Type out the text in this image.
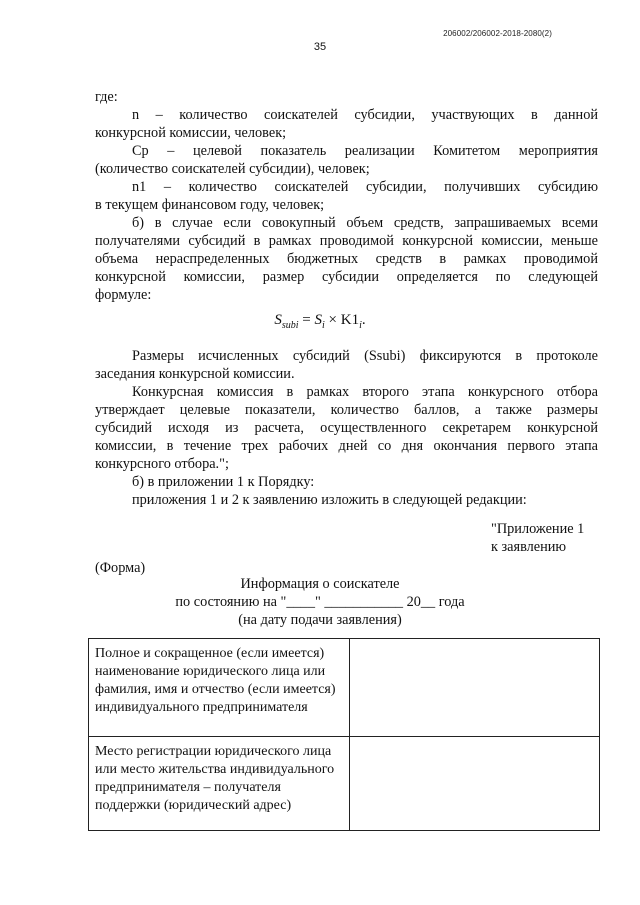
206002/206002-2018-2080(2)
35
где:
n – количество соискателей субсидии, участвующих в данной
конкурсной комиссии, человек;
Cр – целевой показатель реализации Комитетом мероприятия
(количество соискателей субсидии), человек;
n1 – количество соискателей субсидии, получивших субсидию
в текущем финансовом году, человек;
б) в случае если совокупный объем средств, запрашиваемых всеми
получателями субсидий в рамках проводимой конкурсной комиссии, меньше
объема нераспределенных бюджетных средств в рамках проводимой
конкурсной комиссии, размер субсидии определяется по следующей
формуле:
$S_{subi} = S_i \times K1_i$.
Размеры исчисленных субсидий (Ssubi) фиксируются в протоколе
заседания конкурсной комиссии.
Конкурсная комиссия в рамках второго этапа конкурсного отбора
утверждает целевые показатели, количество баллов, а также размеры
субсидий исходя из расчета, осуществленного секретарем конкурсной
комиссии, в течение трех рабочих дней со дня окончания первого этапа
конкурсного отбора.";
б) в приложении 1 к Порядку:
приложения 1 и 2 к заявлению изложить в следующей редакции:
"Приложение 1
к заявлению
(Форма)
Информация о соискателе
по состоянию на "____" ___________ 20__ года
(на дату подачи заявления)
Полное и сокращенное (если имеется) наименование юридического лица или фамилия, имя и отчество (если имеется) индивидуального предпринимателя	
Место регистрации юридического лица или место жительства индивидуального предпринимателя – получателя поддержки (юридический адрес)	
